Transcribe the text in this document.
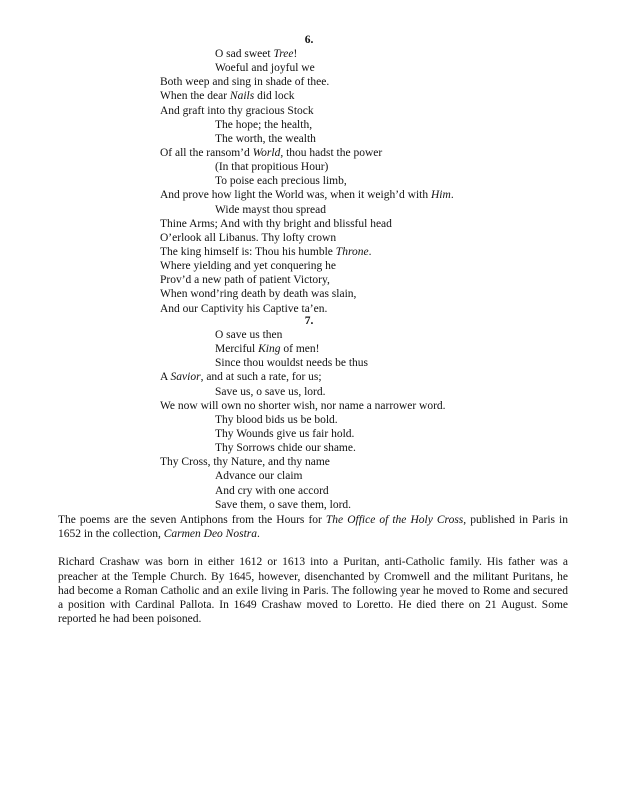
6.
O sad sweet Tree!
Woeful and joyful we
Both weep and sing in shade of thee.
When the dear Nails did lock
And graft into thy gracious Stock
The hope; the health,
The worth, the wealth
Of all the ransom’d World, thou hadst the power
(In that propitious Hour)
To poise each precious limb,
And prove how light the World was, when it weigh’d with Him.
Wide mayst thou spread
Thine Arms; And with thy bright and blissful head
O’erlook all Libanus. Thy lofty crown
The king himself is: Thou his humble Throne.
Where yielding and yet conquering he
Prov’d a new path of patient Victory,
When wond’ring death by death was slain,
And our Captivity his Captive ta’en.
7.
O save us then
Merciful King of men!
Since thou wouldst needs be thus
A Savior, and at such a rate, for us;
Save us, o save us, lord.
We now will own no shorter wish, nor name a narrower word.
Thy blood bids us be bold.
Thy Wounds give us fair hold.
Thy Sorrows chide our shame.
Thy Cross, thy Nature, and thy name
Advance our claim
And cry with one accord
Save them, o save them, lord.

The poems are the seven Antiphons from the Hours for The Office of the Holy Cross, published in Paris in 1652 in the collection, Carmen Deo Nostra.

Richard Crashaw was born in either 1612 or 1613 into a Puritan, anti-Catholic family. His father was a preacher at the Temple Church. By 1645, however, disenchanted by Cromwell and the militant Puritans, he had become a Roman Catholic and an exile living in Paris. The following year he moved to Rome and secured a position with Cardinal Pallota. In 1649 Crashaw moved to Loretto. He died there on 21 August. Some reported he had been poisoned.
